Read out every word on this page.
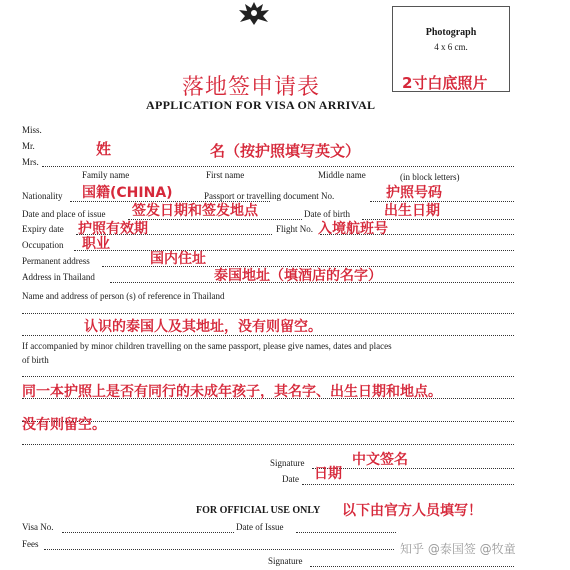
Photograph
4 x 6 cm.
落地签申请表
APPLICATION FOR VISA ON ARRIVAL
2寸白底照片
Miss.
Mr.
Mrs.
姓	名（按护照填写英文）
Family name	First name	Middle name	(in block letters)
Nationality	Passport or travelling document No.
国籍(CHINA)	护照号码
Date and place of issue	Date of birth
签发日期和签发地点	出生日期
Expiry date	Flight No.
护照有效期	入境航班号
Occupation 职业
Permanent address	国内住址
Address in Thailand	泰国地址（填酒店的名字）
Name and address of person (s) of reference in Thailand
认识的泰国人及其地址，没有则留空。
If accompanied by minor children travelling on the same passport, please give names, dates and places
of birth
同一本护照上是否有同行的未成年孩子，其名字、出生日期和地点。
没有则留空。
Signature	中文签名
Date 日期
FOR OFFICIAL USE ONLY 以下由官方人员填写！
Visa No.	Date of Issue
Fees
Signature
知乎 @泰国签 @牧童
